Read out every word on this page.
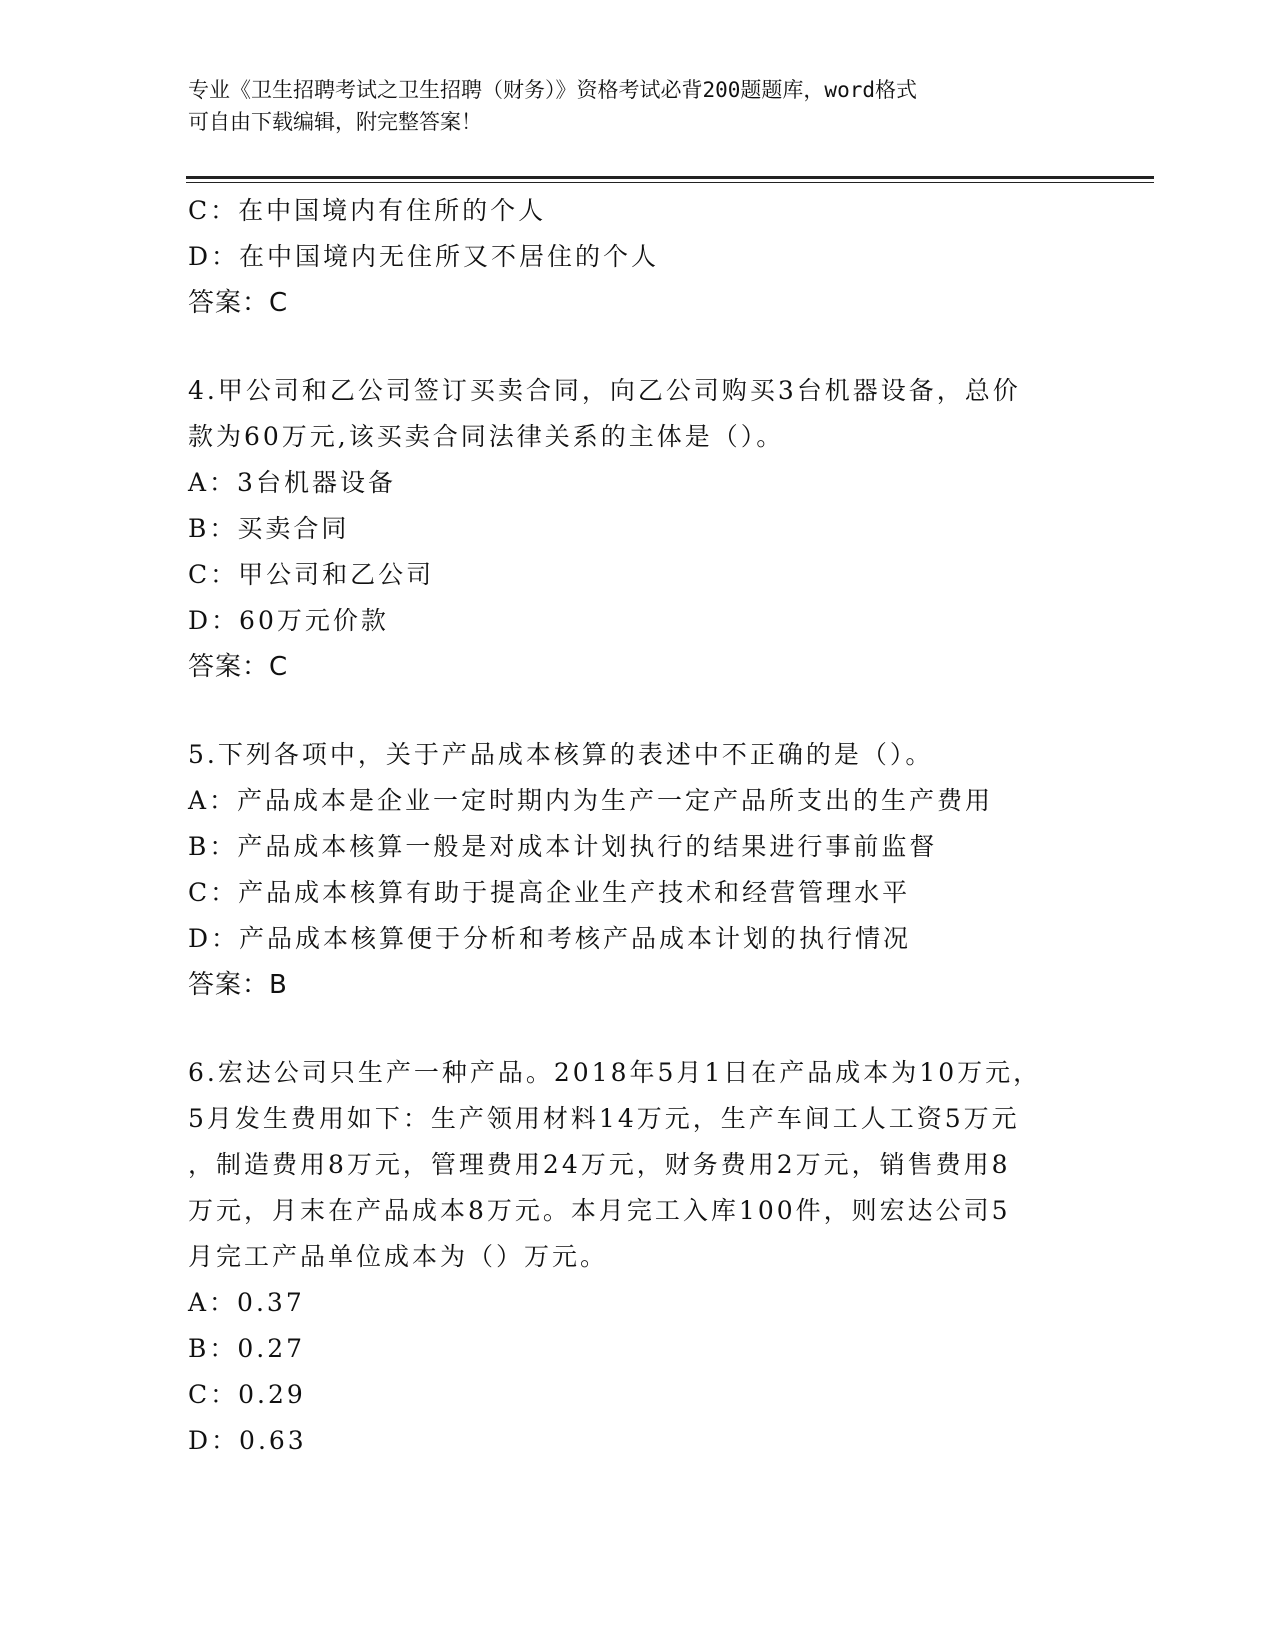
专业《卫生招聘考试之卫生招聘（财务）》资格考试必背200题题库，word格式
可自由下载编辑，附完整答案！
C：在中国境内有住所的个人
D：在中国境内无住所又不居住的个人
答案：C
4.甲公司和乙公司签订买卖合同，向乙公司购买3台机器设备，总价
款为60万元,该买卖合同法律关系的主体是（）。
A：3台机器设备
B：买卖合同
C：甲公司和乙公司
D：60万元价款
答案：C
5.下列各项中，关于产品成本核算的表述中不正确的是（）。
A：产品成本是企业一定时期内为生产一定产品所支出的生产费用
B：产品成本核算一般是对成本计划执行的结果进行事前监督
C：产品成本核算有助于提高企业生产技术和经营管理水平
D：产品成本核算便于分析和考核产品成本计划的执行情况
答案：B
6.宏达公司只生产一种产品。2018年5月1日在产品成本为10万元，
5月发生费用如下：生产领用材料14万元，生产车间工人工资5万元
，制造费用8万元，管理费用24万元，财务费用2万元，销售费用8
万元，月末在产品成本8万元。本月完工入库100件，则宏达公司5
月完工产品单位成本为（）万元。
A：0.37
B：0.27
C：0.29
D：0.63
